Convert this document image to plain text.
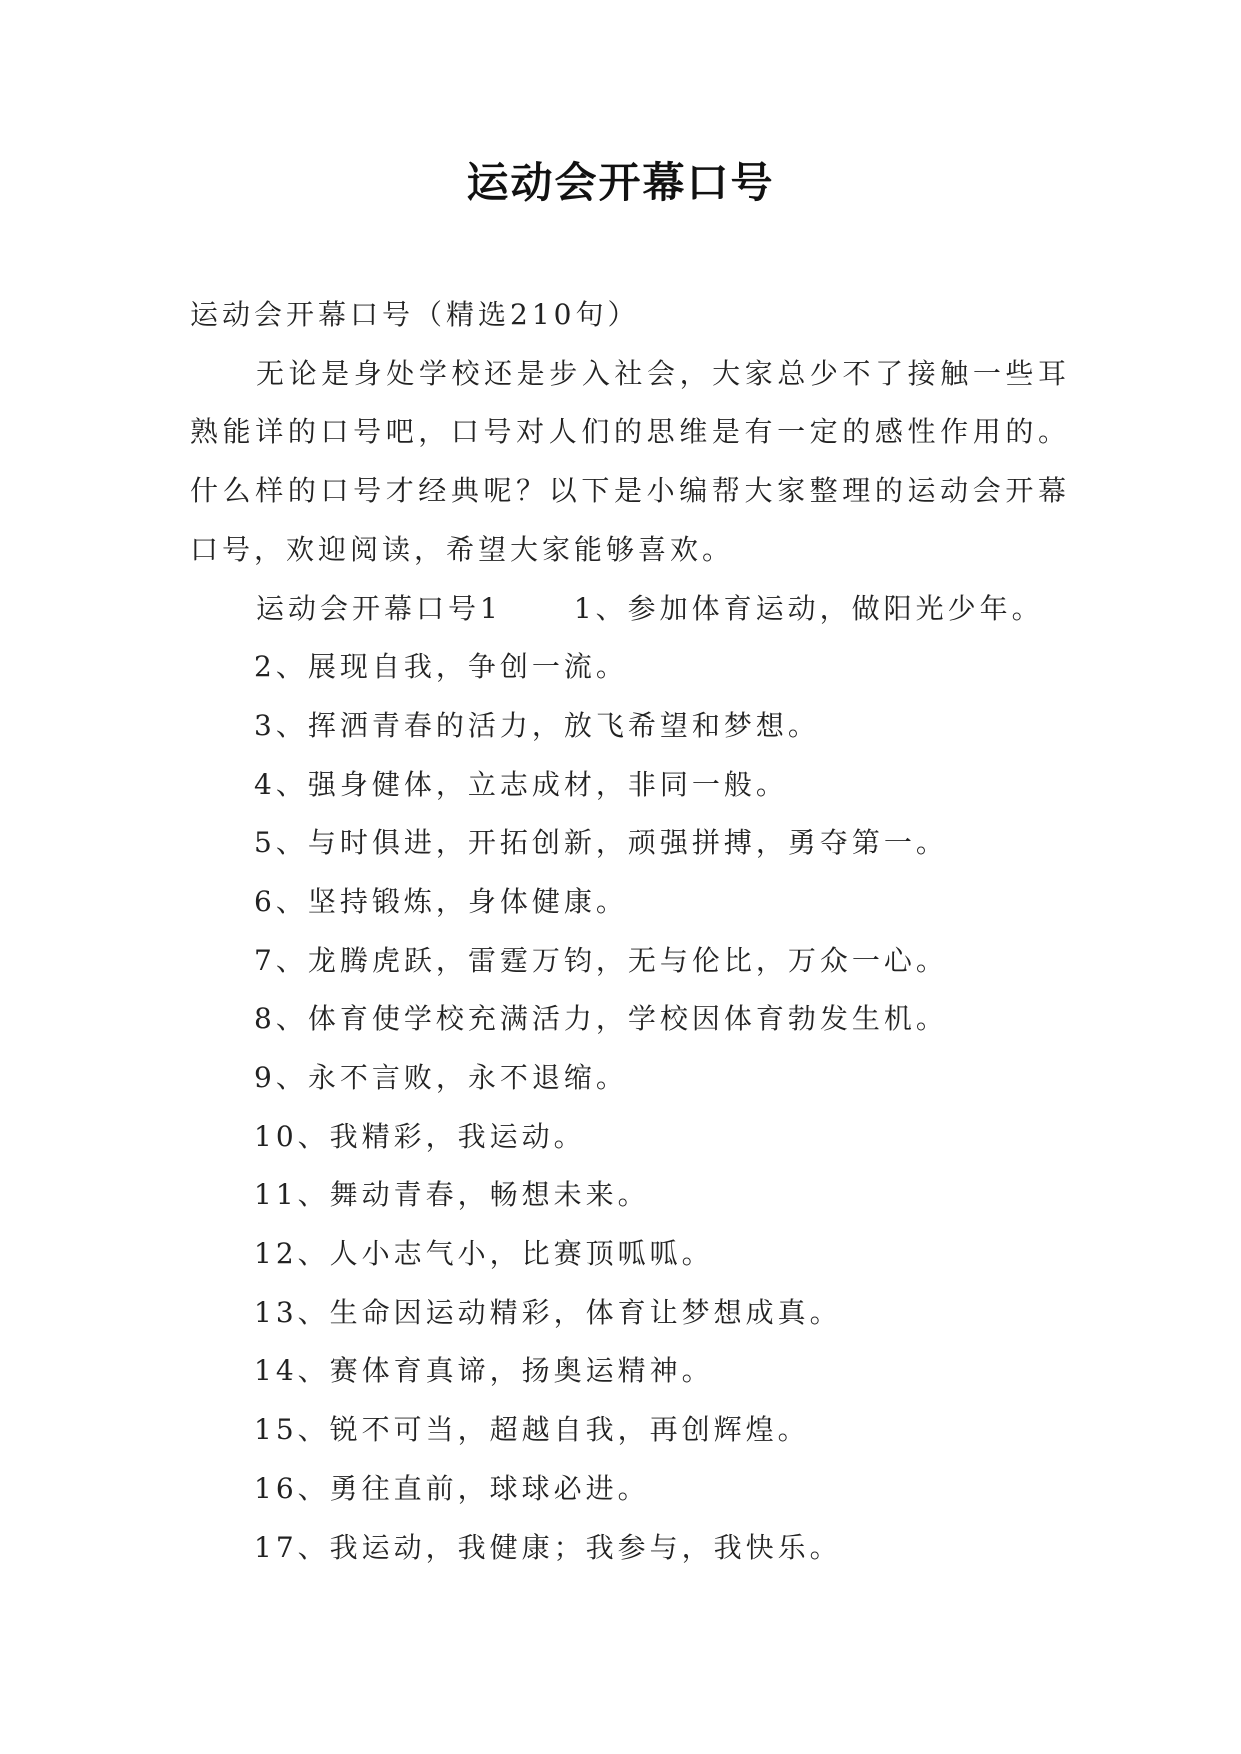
运动会开幕口号
运动会开幕口号（精选210句）
无论是身处学校还是步入社会，大家总少不了接触一些耳熟能详的口号吧，口号对人们的思维是有一定的感性作用的。什么样的口号才经典呢？以下是小编帮大家整理的运动会开幕口号，欢迎阅读，希望大家能够喜欢。
运动会开幕口号1	1、参加体育运动，做阳光少年。
2、展现自我，争创一流。
3、挥洒青春的活力，放飞希望和梦想。
4、强身健体，立志成材，非同一般。
5、与时俱进，开拓创新，顽强拼搏，勇夺第一。
6、坚持锻炼，身体健康。
7、龙腾虎跃，雷霆万钧，无与伦比，万众一心。
8、体育使学校充满活力，学校因体育勃发生机。
9、永不言败，永不退缩。
10、我精彩，我运动。
11、舞动青春，畅想未来。
12、人小志气小，比赛顶呱呱。
13、生命因运动精彩，体育让梦想成真。
14、赛体育真谛，扬奥运精神。
15、锐不可当，超越自我，再创辉煌。
16、勇往直前，球球必进。
17、我运动，我健康；我参与，我快乐。
